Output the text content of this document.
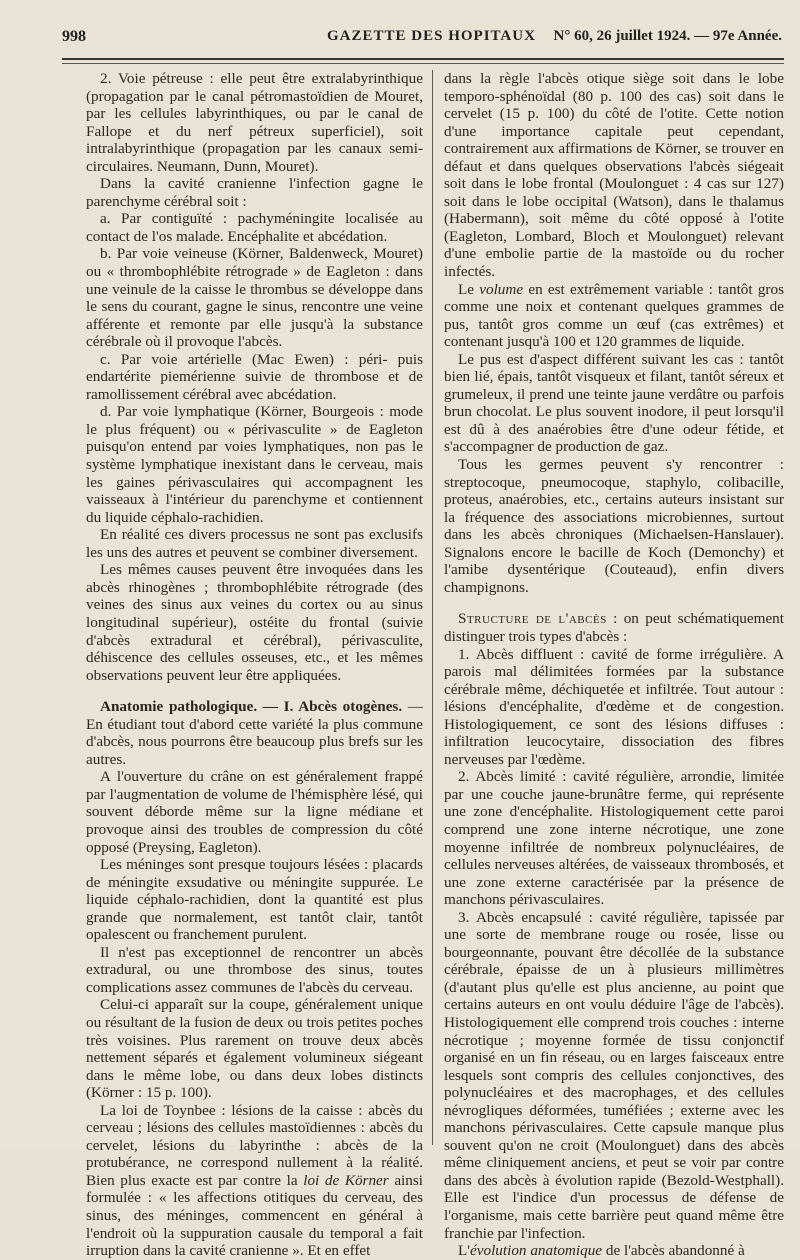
998	GAZETTE DES HOPITAUX N° 60, 26 juillet 1924. — 97e Année.

2. Voie pétreuse : elle peut être extralabyrinthique (propagation par le canal pétromastoïdien de Mouret, par les cellules labyrinthiques, ou par le canal de Fallope et du nerf pétreux superficiel), soit intralabyrinthique (propagation par les canaux semi-circulaires. Neumann, Dunn, Mouret).

Dans la cavité cranienne l'infection gagne le parenchyme cérébral soit :

a. Par contiguïté : pachyméningite localisée au contact de l'os malade. Encéphalite et abcédation.

b. Par voie veineuse (Körner, Baldenweck, Mouret) ou « thrombophlébite rétrograde » de Eagleton : dans une veinule de la caisse le thrombus se développe dans le sens du courant, gagne le sinus, rencontre une veine afférente et remonte par elle jusqu'à la substance cérébrale où il provoque l'abcès.

c. Par voie artérielle (Mac Ewen) : péri- puis endartérite piemérienne suivie de thrombose et de ramollissement cérébral avec abcédation.

d. Par voie lymphatique (Körner, Bourgeois : mode le plus fréquent) ou « périvasculite » de Eagleton puisqu'on entend par voies lymphatiques, non pas le système lymphatique inexistant dans le cerveau, mais les gaines périvasculaires qui accompagnent les vaisseaux à l'intérieur du parenchyme et contiennent du liquide céphalo-rachidien.

En réalité ces divers processus ne sont pas exclusifs les uns des autres et peuvent se combiner diversement.

Les mêmes causes peuvent être invoquées dans les abcès rhinogènes ; thrombophlébite rétrograde (des veines des sinus aux veines du cortex ou au sinus longitudinal supérieur), ostéite du frontal (suivie d'abcès extradural et cérébral), périvasculite, déhiscence des cellules osseuses, etc., et les mêmes observations peuvent leur être appliquées.

Anatomie pathologique. — I. Abcès otogènes. — En étudiant tout d'abord cette variété la plus commune d'abcès, nous pourrons être beaucoup plus brefs sur les autres.

A l'ouverture du crâne on est généralement frappé par l'augmentation de volume de l'hémisphère lésé, qui souvent déborde même sur la ligne médiane et provoque ainsi des troubles de compression du côté opposé (Preysing, Eagleton).

Les méninges sont presque toujours lésées : placards de méningite exsudative ou méningite suppurée. Le liquide céphalo-rachidien, dont la quantité est plus grande que normalement, est tantôt clair, tantôt opalescent ou franchement purulent.

Il n'est pas exceptionnel de rencontrer un abcès extradural, ou une thrombose des sinus, toutes complications assez communes de l'abcès du cerveau.

Celui-ci apparaît sur la coupe, généralement unique ou résultant de la fusion de deux ou trois petites poches très voisines. Plus rarement on trouve deux abcès nettement séparés et également volumineux siégeant dans le même lobe, ou dans deux lobes distincts (Körner : 15 p. 100).

La loi de Toynbee : lésions de la caisse : abcès du cerveau ; lésions des cellules mastoïdiennes : abcès du cervelet, lésions du labyrinthe : abcès de la protubérance, ne correspond nullement à la réalité. Bien plus exacte est par contre la loi de Körner ainsi formulée : « les affections otitiques du cerveau, des sinus, des méninges, commencent en général à l'endroit où la suppuration causale du temporal a fait irruption dans la cavité cranienne ». Et en effet

dans la règle l'abcès otique siège soit dans le lobe temporo-sphénoïdal (80 p. 100 des cas) soit dans le cervelet (15 p. 100) du côté de l'otite. Cette notion d'une importance capitale peut cependant, contrairement aux affirmations de Körner, se trouver en défaut et dans quelques observations l'abcès siégeait soit dans le lobe frontal (Moulonguet : 4 cas sur 127) soit dans le lobe occipital (Watson), dans le thalamus (Habermann), soit même du côté opposé à l'otite (Eagleton, Lombard, Bloch et Moulonguet) relevant d'une embolie partie de la mastoïde ou du rocher infectés.

Le volume en est extrêmement variable : tantôt gros comme une noix et contenant quelques grammes de pus, tantôt gros comme un œuf (cas extrêmes) et contenant jusqu'à 100 et 120 grammes de liquide.

Le pus est d'aspect différent suivant les cas : tantôt bien lié, épais, tantôt visqueux et filant, tantôt séreux et grumeleux, il prend une teinte jaune verdâtre ou parfois brun chocolat. Le plus souvent inodore, il peut lorsqu'il est dû à des anaérobies être d'une odeur fétide, et s'accompagner de production de gaz.

Tous les germes peuvent s'y rencontrer : streptocoque, pneumocoque, staphylo, colibacille, proteus, anaérobies, etc., certains auteurs insistant sur la fréquence des associations microbiennes, surtout dans les abcès chroniques (Michaelsen-Hanslauer). Signalons encore le bacille de Koch (Demonchy) et l'amibe dysentérique (Couteaud), enfin divers champignons.

Structure de l'abcès : on peut schématiquement distinguer trois types d'abcès :

1. Abcès diffluent : cavité de forme irrégulière. A parois mal délimitées formées par la substance cérébrale même, déchiquetée et infiltrée. Tout autour : lésions d'encéphalite, d'œdème et de congestion. Histologiquement, ce sont des lésions diffuses : infiltration leucocytaire, dissociation des fibres nerveuses par l'œdème.

2. Abcès limité : cavité régulière, arrondie, limitée par une couche jaune-brunâtre ferme, qui représente une zone d'encéphalite. Histologiquement cette paroi comprend une zone interne nécrotique, une zone moyenne infiltrée de nombreux polynucléaires, de cellules nerveuses altérées, de vaisseaux thrombosés, et une zone externe caractérisée par la présence de manchons périvasculaires.

3. Abcès encapsulé : cavité régulière, tapissée par une sorte de membrane rouge ou rosée, lisse ou bourgeonnante, pouvant être décollée de la substance cérébrale, épaisse de un à plusieurs millimètres (d'autant plus qu'elle est plus ancienne, au point que certains auteurs en ont voulu déduire l'âge de l'abcès). Histologiquement elle comprend trois couches : interne nécrotique ; moyenne formée de tissu conjonctif organisé en un fin réseau, ou en larges faisceaux entre lesquels sont compris des cellules conjonctives, des polynucléaires et des macrophages, et des cellules névrogliques déformées, tuméfiées ; externe avec les manchons périvasculaires. Cette capsule manque plus souvent qu'on ne croit (Moulonguet) dans des abcès même cliniquement anciens, et peut se voir par contre dans des abcès à évolution rapide (Bezold-Westphall). Elle est l'indice d'un processus de défense de l'organisme, mais cette barrière peut quand même être franchie par l'infection.

L'évolution anatomique de l'abcès abandonné à
